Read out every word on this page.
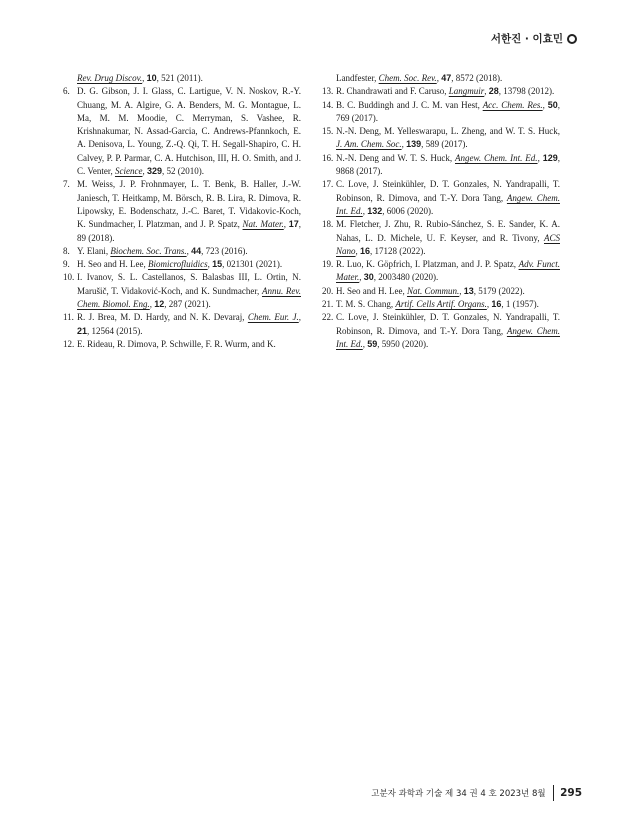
서한진 · 이효민
Rev. Drug Discov., 10, 521 (2011).
6. D. G. Gibson, J. I. Glass, C. Lartigue, V. N. Noskov, R.-Y. Chuang, M. A. Algire, G. A. Benders, M. G. Montague, L. Ma, M. M. Moodie, C. Merryman, S. Vashee, R. Krishnakumar, N. Assad-Garcia, C. Andrews-Pfannkoch, E. A. Denisova, L. Young, Z.-Q. Qi, T. H. Segall-Shapiro, C. H. Calvey, P. P. Parmar, C. A. Hutchison, III, H. O. Smith, and J. C. Venter, Science, 329, 52 (2010).
7. M. Weiss, J. P. Frohnmayer, L. T. Benk, B. Haller, J.-W. Janiesch, T. Heitkamp, M. Börsch, R. B. Lira, R. Dimova, R. Lipowsky, E. Bodenschatz, J.-C. Baret, T. Vidakovic-Koch, K. Sundmacher, I. Platzman, and J. P. Spatz, Nat. Mater., 17, 89 (2018).
8. Y. Elani, Biochem. Soc. Trans., 44, 723 (2016).
9. H. Seo and H. Lee, Biomicrofluidics, 15, 021301 (2021).
10. I. Ivanov, S. L. Castellanos, S. Balasbas III, L. Ortin, N. Marušič, T. Vidaković-Koch, and K. Sundmacher, Annu. Rev. Chem. Biomol. Eng., 12, 287 (2021).
11. R. J. Brea, M. D. Hardy, and N. K. Devaraj, Chem. Eur. J., 21, 12564 (2015).
12. E. Rideau, R. Dimova, P. Schwille, F. R. Wurm, and K.
Landfester, Chem. Soc. Rev., 47, 8572 (2018).
13. R. Chandrawati and F. Caruso, Langmuir, 28, 13798 (2012).
14. B. C. Buddingh and J. C. M. van Hest, Acc. Chem. Res., 50, 769 (2017).
15. N.-N. Deng, M. Yelleswarapu, L. Zheng, and W. T. S. Huck, J. Am. Chem. Soc., 139, 589 (2017).
16. N.-N. Deng and W. T. S. Huck, Angew. Chem. Int. Ed., 129, 9868 (2017).
17. C. Love, J. Steinkühler, D. T. Gonzales, N. Yandrapalli, T. Robinson, R. Dimova, and T.-Y. Dora Tang, Angew. Chem. Int. Ed., 132, 6006 (2020).
18. M. Fletcher, J. Zhu, R. Rubio-Sánchez, S. E. Sander, K. A. Nahas, L. D. Michele, U. F. Keyser, and R. Tivony, ACS Nano, 16, 17128 (2022).
19. R. Luo, K. Göpfrich, I. Platzman, and J. P. Spatz, Adv. Funct. Mater., 30, 2003480 (2020).
20. H. Seo and H. Lee, Nat. Commun., 13, 5179 (2022).
21. T. M. S. Chang, Artif. Cells Artif. Organs., 16, 1 (1957).
22. C. Love, J. Steinkühler, D. T. Gonzales, N. Yandrapalli, T. Robinson, R. Dimova, and T.-Y. Dora Tang, Angew. Chem. Int. Ed., 59, 5950 (2020).
고분자 과학과 기술 제 34 권 4 호 2023년 8월 295
